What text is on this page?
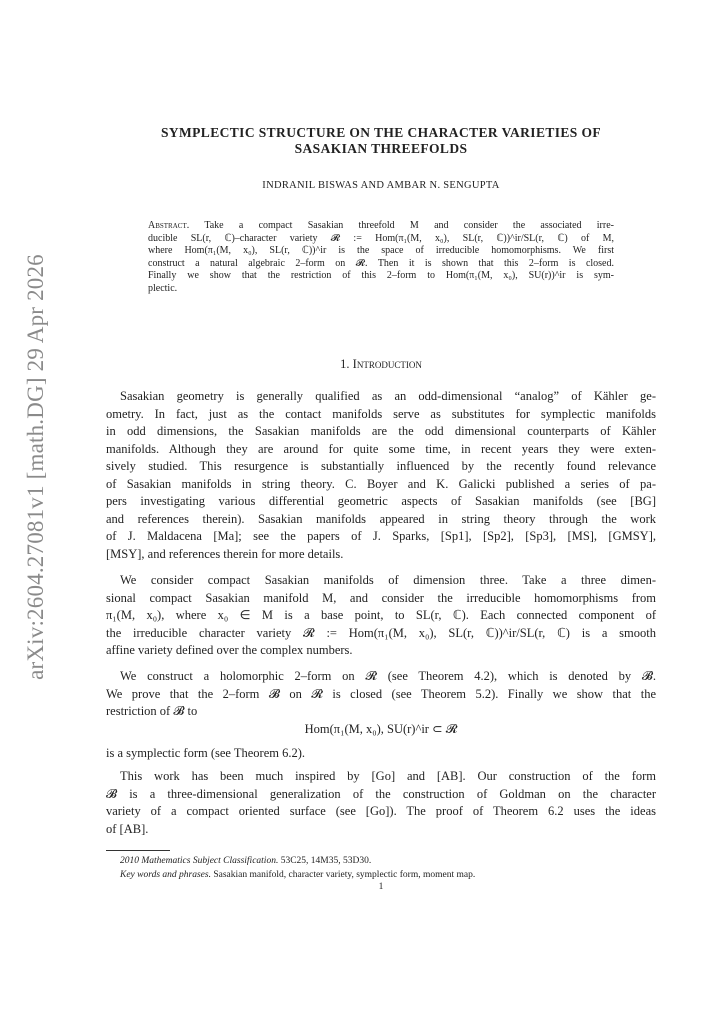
arXiv:2604.27081v1 [math.DG] 29 Apr 2026
SYMPLECTIC STRUCTURE ON THE CHARACTER VARIETIES OF
SASAKIAN THREEFOLDS
INDRANIL BISWAS AND AMBAR N. SENGUPTA
Abstract. Take a compact Sasakian threefold M and consider the associated irre-
ducible SL(r, ℂ)–character variety 𝓡 := Hom(π₁(M, x₀), SL(r, ℂ))^ir/SL(r, ℂ) of M,
where Hom(π₁(M, x₀), SL(r, ℂ))^ir is the space of irreducible homomorphisms. We first
construct a natural algebraic 2–form on 𝓡. Then it is shown that this 2–form is closed.
Finally we show that the restriction of this 2–form to Hom(π₁(M, x₀), SU(r))^ir is sym-
plectic.
1. Introduction
Sasakian geometry is generally qualified as an odd-dimensional “analog” of Kähler ge-
ometry. In fact, just as the contact manifolds serve as substitutes for symplectic manifolds
in odd dimensions, the Sasakian manifolds are the odd dimensional counterparts of Kähler
manifolds. Although they are around for quite some time, in recent years they were exten-
sively studied. This resurgence is substantially influenced by the recently found relevance
of Sasakian manifolds in string theory. C. Boyer and K. Galicki published a series of pa-
pers investigating various differential geometric aspects of Sasakian manifolds (see [BG]
and references therein). Sasakian manifolds appeared in string theory through the work
of J. Maldacena [Ma]; see the papers of J. Sparks, [Sp1], [Sp2], [Sp3], [MS], [GMSY],
[MSY], and references therein for more details.
We consider compact Sasakian manifolds of dimension three. Take a three dimen-
sional compact Sasakian manifold M, and consider the irreducible homomorphisms from
π₁(M, x₀), where x₀ ∈ M is a base point, to SL(r, ℂ). Each connected component of
the irreducible character variety 𝓡 := Hom(π₁(M, x₀), SL(r, ℂ))^ir/SL(r, ℂ) is a smooth
affine variety defined over the complex numbers.
We construct a holomorphic 2–form on 𝓡 (see Theorem 4.2), which is denoted by 𝓑.
We prove that the 2–form 𝓑 on 𝓡 is closed (see Theorem 5.2). Finally we show that the
restriction of 𝓑 to
Hom(π₁(M, x₀), SU(r)^ir ⊂ 𝓡
is a symplectic form (see Theorem 6.2).
This work has been much inspired by [Go] and [AB]. Our construction of the form
𝓑 is a three-dimensional generalization of the construction of Goldman on the character
variety of a compact oriented surface (see [Go]). The proof of Theorem 6.2 uses the ideas
of [AB].
2010 Mathematics Subject Classification. 53C25, 14M35, 53D30.
Key words and phrases. Sasakian manifold, character variety, symplectic form, moment map.
1
